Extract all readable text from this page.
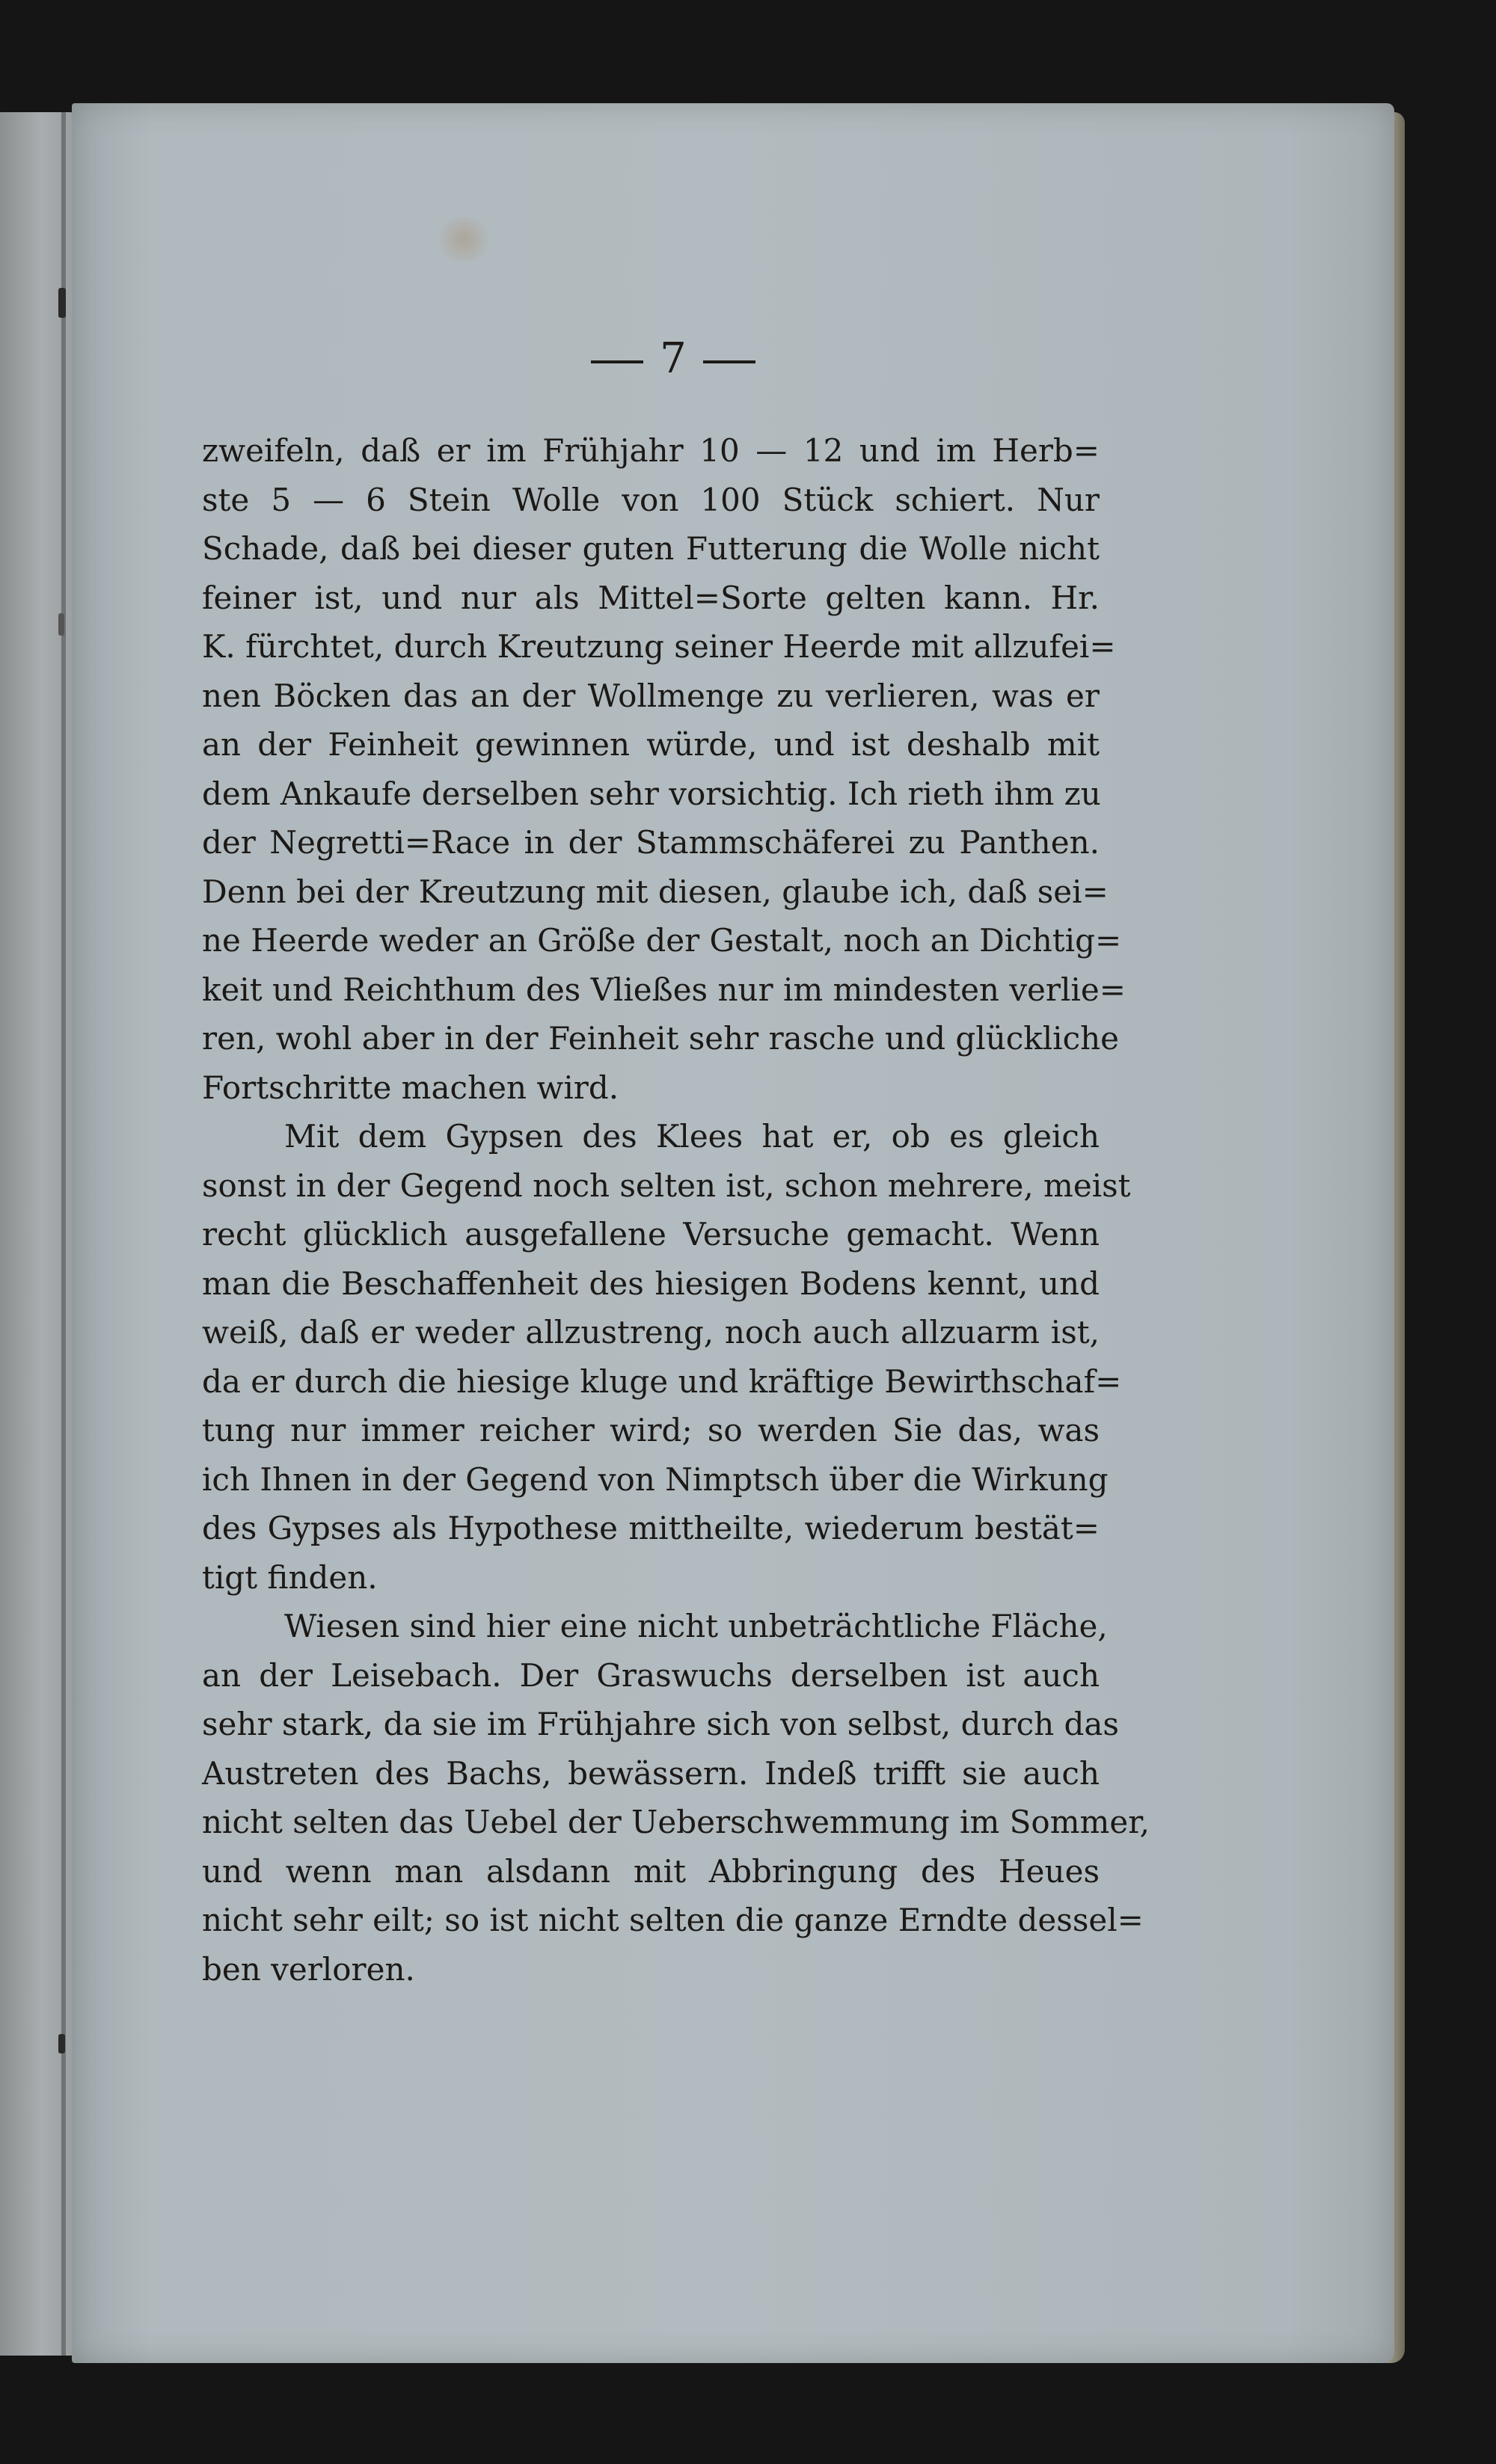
7
zweifeln, daß er im Frühjahr 10 — 12 und im Herb=
ste 5 — 6 Stein Wolle von 100 Stück schiert. Nur
Schade, daß bei dieser guten Futterung die Wolle nicht
feiner ist, und nur als Mittel=Sorte gelten kann. Hr.
K. fürchtet, durch Kreutzung seiner Heerde mit allzufei=
nen Böcken das an der Wollmenge zu verlieren, was er
an der Feinheit gewinnen würde, und ist deshalb mit
dem Ankaufe derselben sehr vorsichtig. Ich rieth ihm zu
der Negretti=Race in der Stammschäferei zu Panthen.
Denn bei der Kreutzung mit diesen, glaube ich, daß sei=
ne Heerde weder an Größe der Gestalt, noch an Dichtig=
keit und Reichthum des Vließes nur im mindesten verlie=
ren, wohl aber in der Feinheit sehr rasche und glückliche
Fortschritte machen wird.
Mit dem Gypsen des Klees hat er, ob es gleich
sonst in der Gegend noch selten ist, schon mehrere, meist
recht glücklich ausgefallene Versuche gemacht. Wenn
man die Beschaffenheit des hiesigen Bodens kennt, und
weiß, daß er weder allzustreng, noch auch allzuarm ist,
da er durch die hiesige kluge und kräftige Bewirthschaf=
tung nur immer reicher wird; so werden Sie das, was
ich Ihnen in der Gegend von Nimptsch über die Wirkung
des Gypses als Hypothese mittheilte, wiederum bestät=
tigt finden.
Wiesen sind hier eine nicht unbeträchtliche Fläche,
an der Leisebach. Der Graswuchs derselben ist auch
sehr stark, da sie im Frühjahre sich von selbst, durch das
Austreten des Bachs, bewässern. Indeß trifft sie auch
nicht selten das Uebel der Ueberschwemmung im Sommer,
und wenn man alsdann mit Abbringung des Heues
nicht sehr eilt; so ist nicht selten die ganze Erndte dessel=
ben verloren.
